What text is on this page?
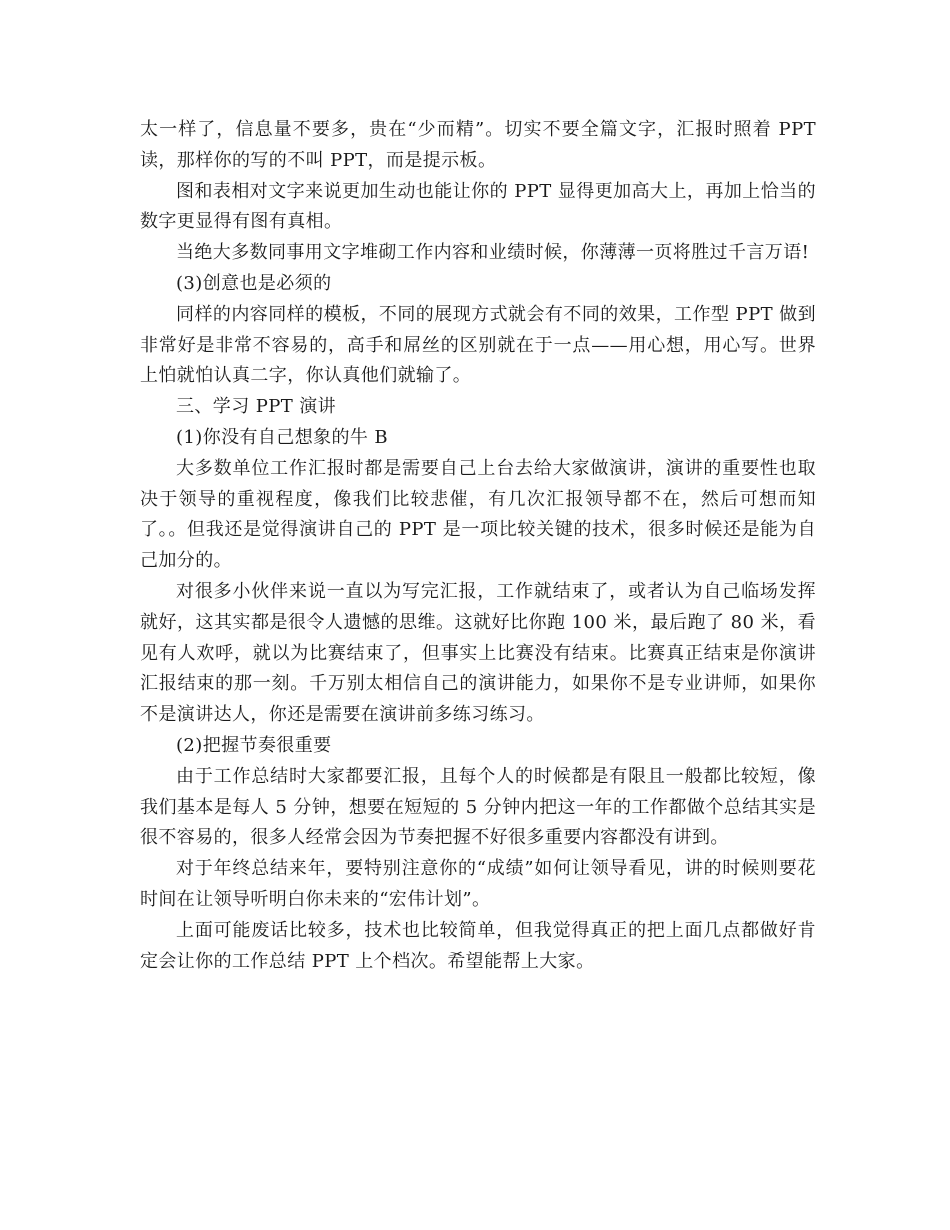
太一样了，信息量不要多，贵在“少而精”。切实不要全篇文字，汇报时照着 PPT 读，那样你的写的不叫 PPT，而是提示板。

图和表相对文字来说更加生动也能让你的 PPT 显得更加高大上，再加上恰当的数字更显得有图有真相。

当绝大多数同事用文字堆砌工作内容和业绩时候，你薄薄一页将胜过千言万语!

(3)创意也是必须的

同样的内容同样的模板，不同的展现方式就会有不同的效果，工作型 PPT 做到非常好是非常不容易的，高手和屌丝的区别就在于一点——用心想，用心写。世界上怕就怕认真二字，你认真他们就输了。

三、学习 PPT 演讲

(1)你没有自己想象的牛 B

大多数单位工作汇报时都是需要自己上台去给大家做演讲，演讲的重要性也取决于领导的重视程度，像我们比较悲催，有几次汇报领导都不在，然后可想而知了。。但我还是觉得演讲自己的 PPT 是一项比较关键的技术，很多时候还是能为自己加分的。

对很多小伙伴来说一直以为写完汇报，工作就结束了，或者认为自己临场发挥就好，这其实都是很令人遗憾的思维。这就好比你跑 100 米，最后跑了 80 米，看见有人欢呼，就以为比赛结束了，但事实上比赛没有结束。比赛真正结束是你演讲汇报结束的那一刻。千万别太相信自己的演讲能力，如果你不是专业讲师，如果你不是演讲达人，你还是需要在演讲前多练习练习。

(2)把握节奏很重要

由于工作总结时大家都要汇报，且每个人的时候都是有限且一般都比较短，像我们基本是每人 5 分钟，想要在短短的 5 分钟内把这一年的工作都做个总结其实是很不容易的，很多人经常会因为节奏把握不好很多重要内容都没有讲到。

对于年终总结来年，要特别注意你的“成绩”如何让领导看见，讲的时候则要花时间在让领导听明白你未来的“宏伟计划”。

上面可能废话比较多，技术也比较简单，但我觉得真正的把上面几点都做好肯定会让你的工作总结 PPT 上个档次。希望能帮上大家。
